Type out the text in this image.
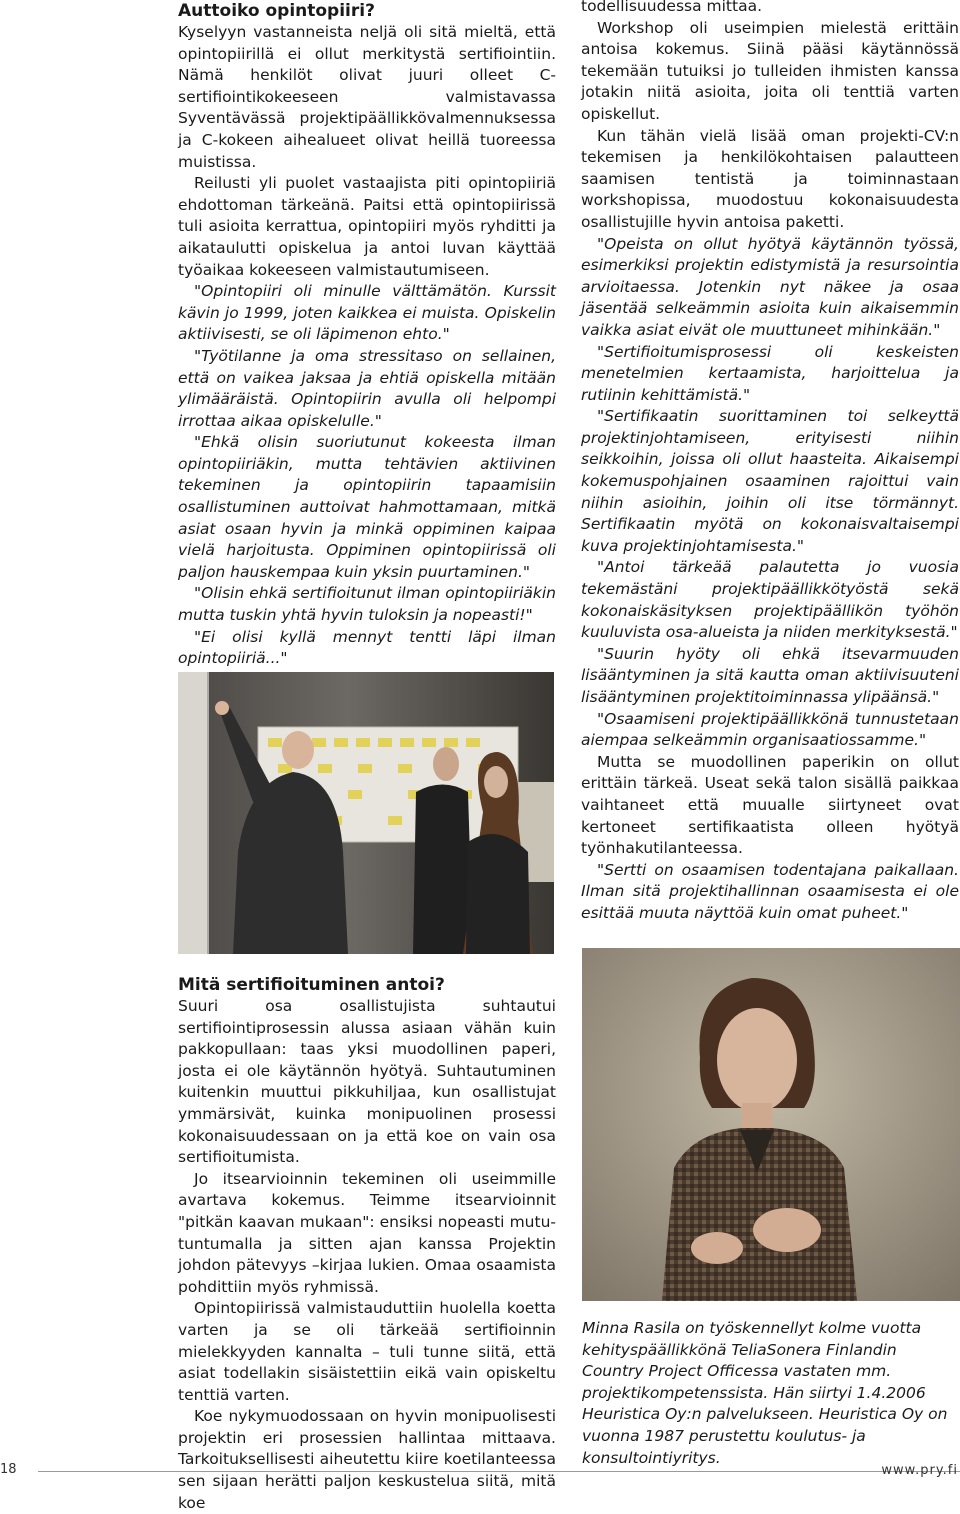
Auttoiko opintopiiri?

Kyselyyn vastanneista neljä oli sitä mieltä, että opintopiirillä ei ollut merkitystä sertifiointiin. Nämä henkilöt olivat juuri olleet C-sertifiointikokeeseen valmistavassa Syventävässä projektipäällikkövalmennuksessa ja C-kokeen aihealueet olivat heillä tuoreessa muistissa.

Reilusti yli puolet vastaajista piti opintopiiriä ehdottoman tärkeänä. Paitsi että opintopiirissä tuli asioita kerrattua, opintopiiri myös ryhditti ja aikataulutti opiskelua ja antoi luvan käyttää työaikaa kokeeseen valmistautumiseen.

"Opintopiiri oli minulle välttämätön. Kurssit kävin jo 1999, joten kaikkea ei muista. Opiskelin aktiivisesti, se oli läpimenon ehto."

"Työtilanne ja oma stressitaso on sellainen, että on vaikea jaksaa ja ehtiä opiskella mitään ylimääräistä. Opintopiirin avulla oli helpompi irrottaa aikaa opiskelulle."

"Ehkä olisin suoriutunut kokeesta ilman opintopiiriäkin, mutta tehtävien aktiivinen tekeminen ja opintopiirin tapaamisiin osallistuminen auttoivat hahmottamaan, mitkä asiat osaan hyvin ja minkä oppiminen kaipaa vielä harjoitusta. Oppiminen opintopiirissä oli paljon hauskempaa kuin yksin puurtaminen."

"Olisin ehkä sertifioitunut ilman opintopiiriäkin mutta tuskin yhtä hyvin tuloksin ja nopeasti!"

"Ei olisi kyllä mennyt tentti läpi ilman opintopiiriä..."

todellisuudessa mittaa.

Workshop oli useimpien mielestä erittäin antoisa kokemus. Siinä pääsi käytännössä tekemään tutuiksi jo tulleiden ihmisten kanssa jotakin niitä asioita, joita oli tenttiä varten opiskellut.

Kun tähän vielä lisää oman projekti-CV:n tekemisen ja henkilökohtaisen palautteen saamisen tentistä ja toiminnastaan workshopissa, muodostuu kokonaisuudesta osallistujille hyvin antoisa paketti.

"Opeista on ollut hyötyä käytännön työssä, esimerkiksi projektin edistymistä ja resursointia arvioitaessa. Jotenkin nyt näkee ja osaa jäsentää selkeämmin asioita kuin aikaisemmin vaikka asiat eivät ole muuttuneet mihinkään."

"Sertifioitumisprosessi oli keskeisten menetelmien kertaamista, harjoittelua ja rutiinin kehittämistä."

"Sertifikaatin suorittaminen toi selkeyttä projektinjohtamiseen, erityisesti niihin seikkoihin, joissa oli ollut haasteita. Aikaisempi kokemuspohjainen osaaminen rajoittui vain niihin asioihin, joihin oli itse törmännyt. Sertifikaatin myötä on kokonaisvaltaisempi kuva projektinjohtamisesta."

"Antoi tärkeää palautetta jo vuosia tekemästäni projektipäällikkötyöstä sekä kokonaiskäsityksen projektipäällikön työhön kuuluvista osa-alueista ja niiden merkityksestä."

"Suurin hyöty oli ehkä itsevarmuuden lisääntyminen ja sitä kautta oman aktiivisuuteni lisääntyminen projektitoiminnassa ylipäänsä."

"Osaamiseni projektipäällikkönä tunnustetaan aiempaa selkeämmin organisaatiossamme."

Mutta se muodollinen paperikin on ollut erittäin tärkeä. Useat sekä talon sisällä paikkaa vaihtaneet että muualle siirtyneet ovat kertoneet sertifikaatista olleen hyötyä työnhakutilanteessa.

"Sertti on osaamisen todentajana paikallaan. Ilman sitä projektihallinnan osaamisesta ei ole esittää muuta näyttöä kuin omat puheet."

Mitä sertifioituminen antoi?

Suuri osa osallistujista suhtautui sertifiointiprosessin alussa asiaan vähän kuin pakkopullaan: taas yksi muodollinen paperi, josta ei ole käytännön hyötyä. Suhtautuminen kuitenkin muuttui pikkuhiljaa, kun osallistujat ymmärsivät, kuinka monipuolinen prosessi kokonaisuudessaan on ja että koe on vain osa sertifioitumista.

Jo itsearvioinnin tekeminen oli useimmille avartava kokemus. Teimme itsearvioinnit "pitkän kaavan mukaan": ensiksi nopeasti mutu-tuntumalla ja sitten ajan kanssa Projektin johdon pätevyys –kirjaa lukien. Omaa osaamista pohdittiin myös ryhmissä.

Opintopiirissä valmistauduttiin huolella koetta varten ja se oli tärkeää sertifioinnin mielekkyyden kannalta – tuli tunne siitä, että asiat todellakin sisäistettiin eikä vain opiskeltu tenttiä varten.

Koe nykymuodossaan on hyvin monipuolisesti projektin eri prosessien hallintaa mittaava. Tarkoituksellisesti aiheutettu kiire koetilanteessa sen sijaan herätti paljon keskustelua siitä, mitä koe

Minna Rasila on työskennellyt kolme vuotta kehityspäällikkönä TeliaSonera Finlandin Country Project Officessa vastaten mm. projektikompetenssista. Hän siirtyi 1.4.2006 Heuristica Oy:n palvelukseen. Heuristica Oy on vuonna 1987 perustettu koulutus- ja konsultointiyritys.

18	www.pry.fi
